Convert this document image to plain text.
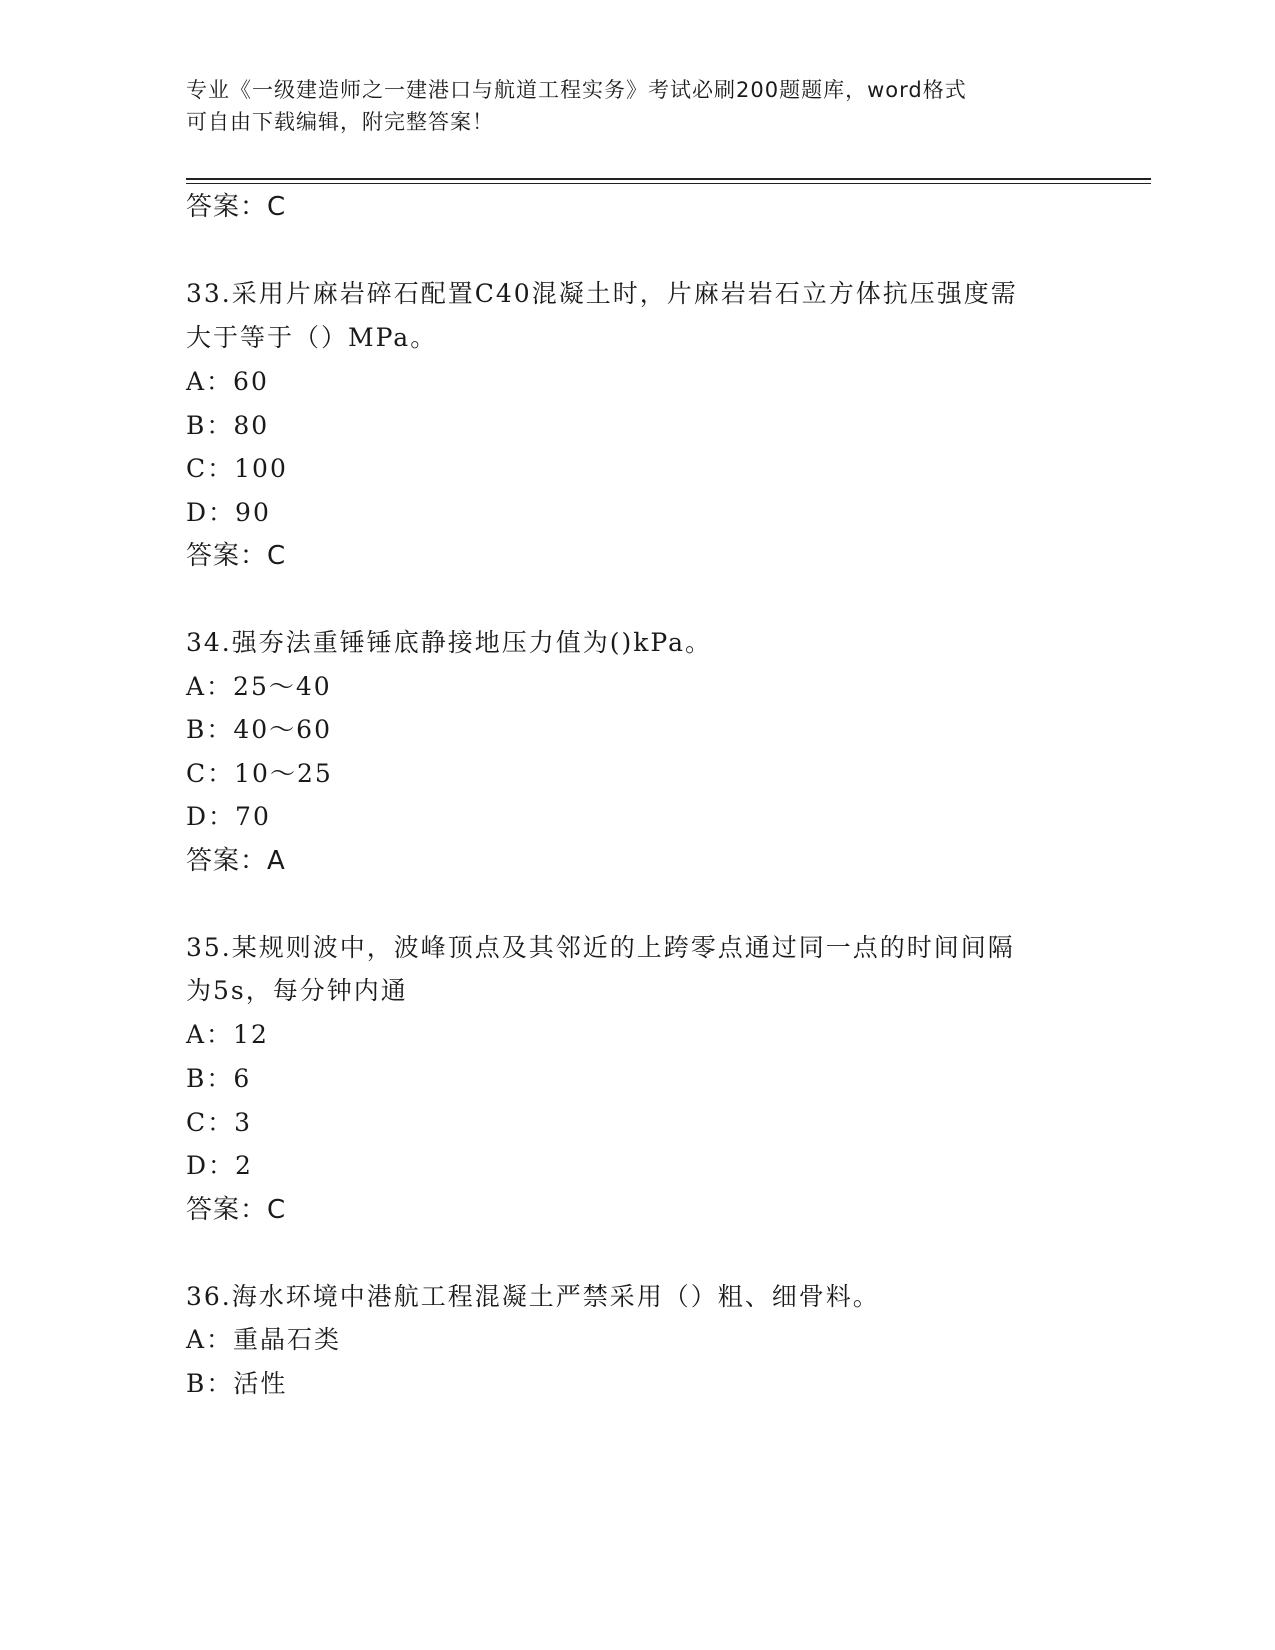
专业《一级建造师之一建港口与航道工程实务》考试必刷200题题库，word格式
可自由下载编辑，附完整答案！
答案：C
33.采用片麻岩碎石配置C40混凝土时，片麻岩岩石立方体抗压强度需
大于等于（）MPa。
A：60
B：80
C：100
D：90
答案：C
34.强夯法重锤锤底静接地压力值为()kPa。
A：25～40
B：40～60
C：10～25
D：70
答案：A
35.某规则波中，波峰顶点及其邻近的上跨零点通过同一点的时间间隔
为5s，每分钟内通
A：12
B：6
C：3
D：2
答案：C
36.海水环境中港航工程混凝土严禁采用（）粗、细骨料。
A：重晶石类
B：活性
